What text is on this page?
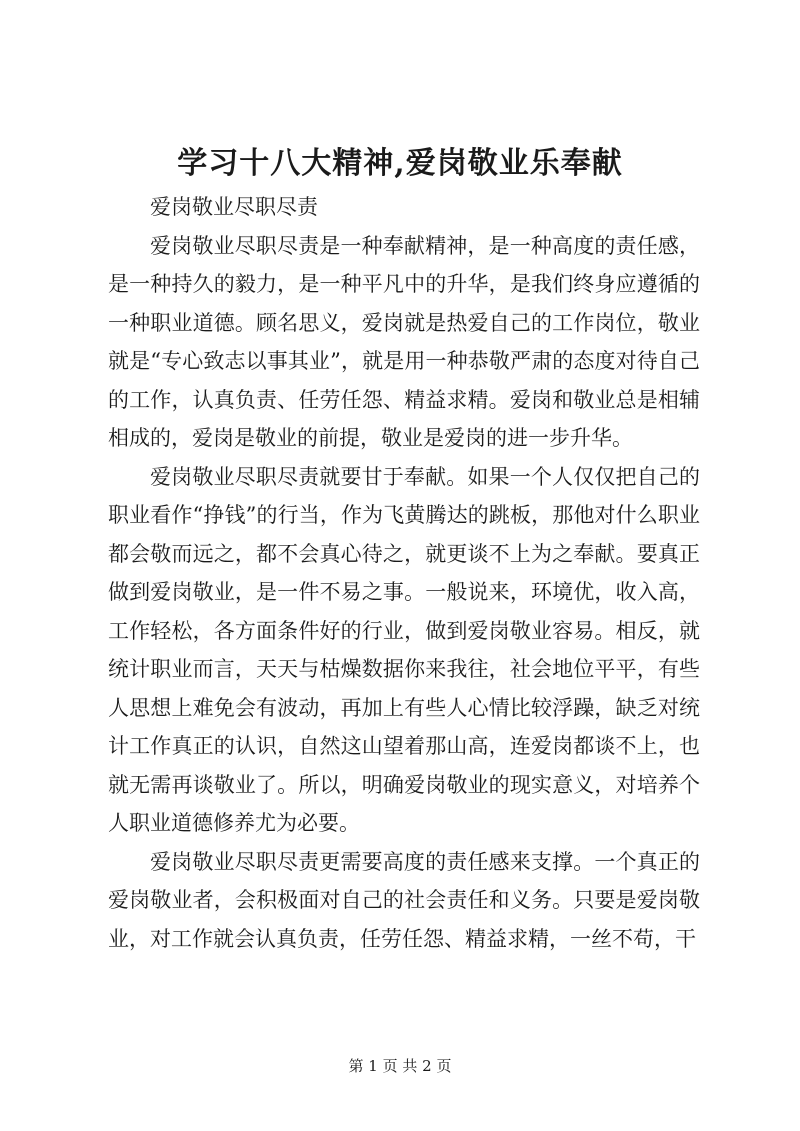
学习十八大精神,爱岗敬业乐奉献
爱岗敬业尽职尽责

爱岗敬业尽职尽责是一种奉献精神，是一种高度的责任感，是一种持久的毅力，是一种平凡中的升华，是我们终身应遵循的一种职业道德。顾名思义，爱岗就是热爱自己的工作岗位，敬业就是“专心致志以事其业”，就是用一种恭敬严肃的态度对待自己的工作，认真负责、任劳任怨、精益求精。爱岗和敬业总是相辅相成的，爱岗是敬业的前提，敬业是爱岗的进一步升华。

爱岗敬业尽职尽责就要甘于奉献。如果一个人仅仅把自己的职业看作“挣钱”的行当，作为飞黄腾达的跳板，那他对什么职业都会敬而远之，都不会真心待之，就更谈不上为之奉献。要真正做到爱岗敬业，是一件不易之事。一般说来，环境优，收入高，工作轻松，各方面条件好的行业，做到爱岗敬业容易。相反，就统计职业而言，天天与枯燥数据你来我往，社会地位平平，有些人思想上难免会有波动，再加上有些人心情比较浮躁，缺乏对统计工作真正的认识，自然这山望着那山高，连爱岗都谈不上，也就无需再谈敬业了。所以，明确爱岗敬业的现实意义，对培养个人职业道德修养尤为必要。

爱岗敬业尽职尽责更需要高度的责任感来支撑。一个真正的爱岗敬业者，会积极面对自己的社会责任和义务。只要是爱岗敬业，对工作就会认真负责，任劳任怨、精益求精，一丝不苟，干

第 1 页 共 2 页
